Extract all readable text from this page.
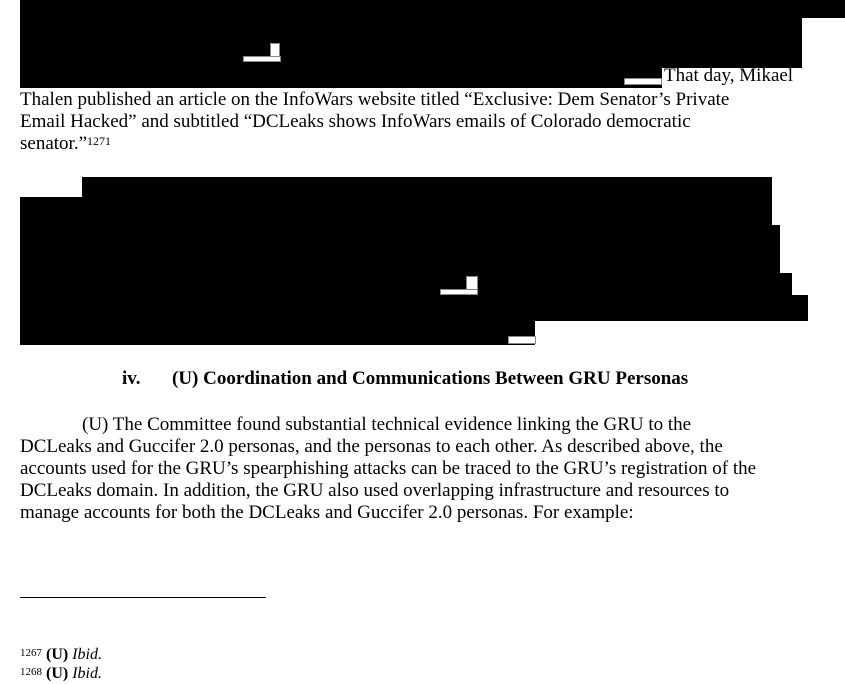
That day, Mikael
Thalen published an article on the InfoWars website titled “Exclusive: Dem Senator’s Private
Email Hacked” and subtitled “DCLeaks shows InfoWars emails of Colorado democratic
senator.”$^{1271}$
iv. (U) Coordination and Communications Between GRU Personas
(U) The Committee found substantial technical evidence linking the GRU to the
DCLeaks and Guccifer 2.0 personas, and the personas to each other. As described above, the
accounts used for the GRU’s spearphishing attacks can be traced to the GRU’s registration of the
DCLeaks domain. In addition, the GRU also used overlapping infrastructure and resources to
manage accounts for both the DCLeaks and Guccifer 2.0 personas. For example:
$^{1267}$ (U) Ibid.
$^{1268}$ (U) Ibid.
